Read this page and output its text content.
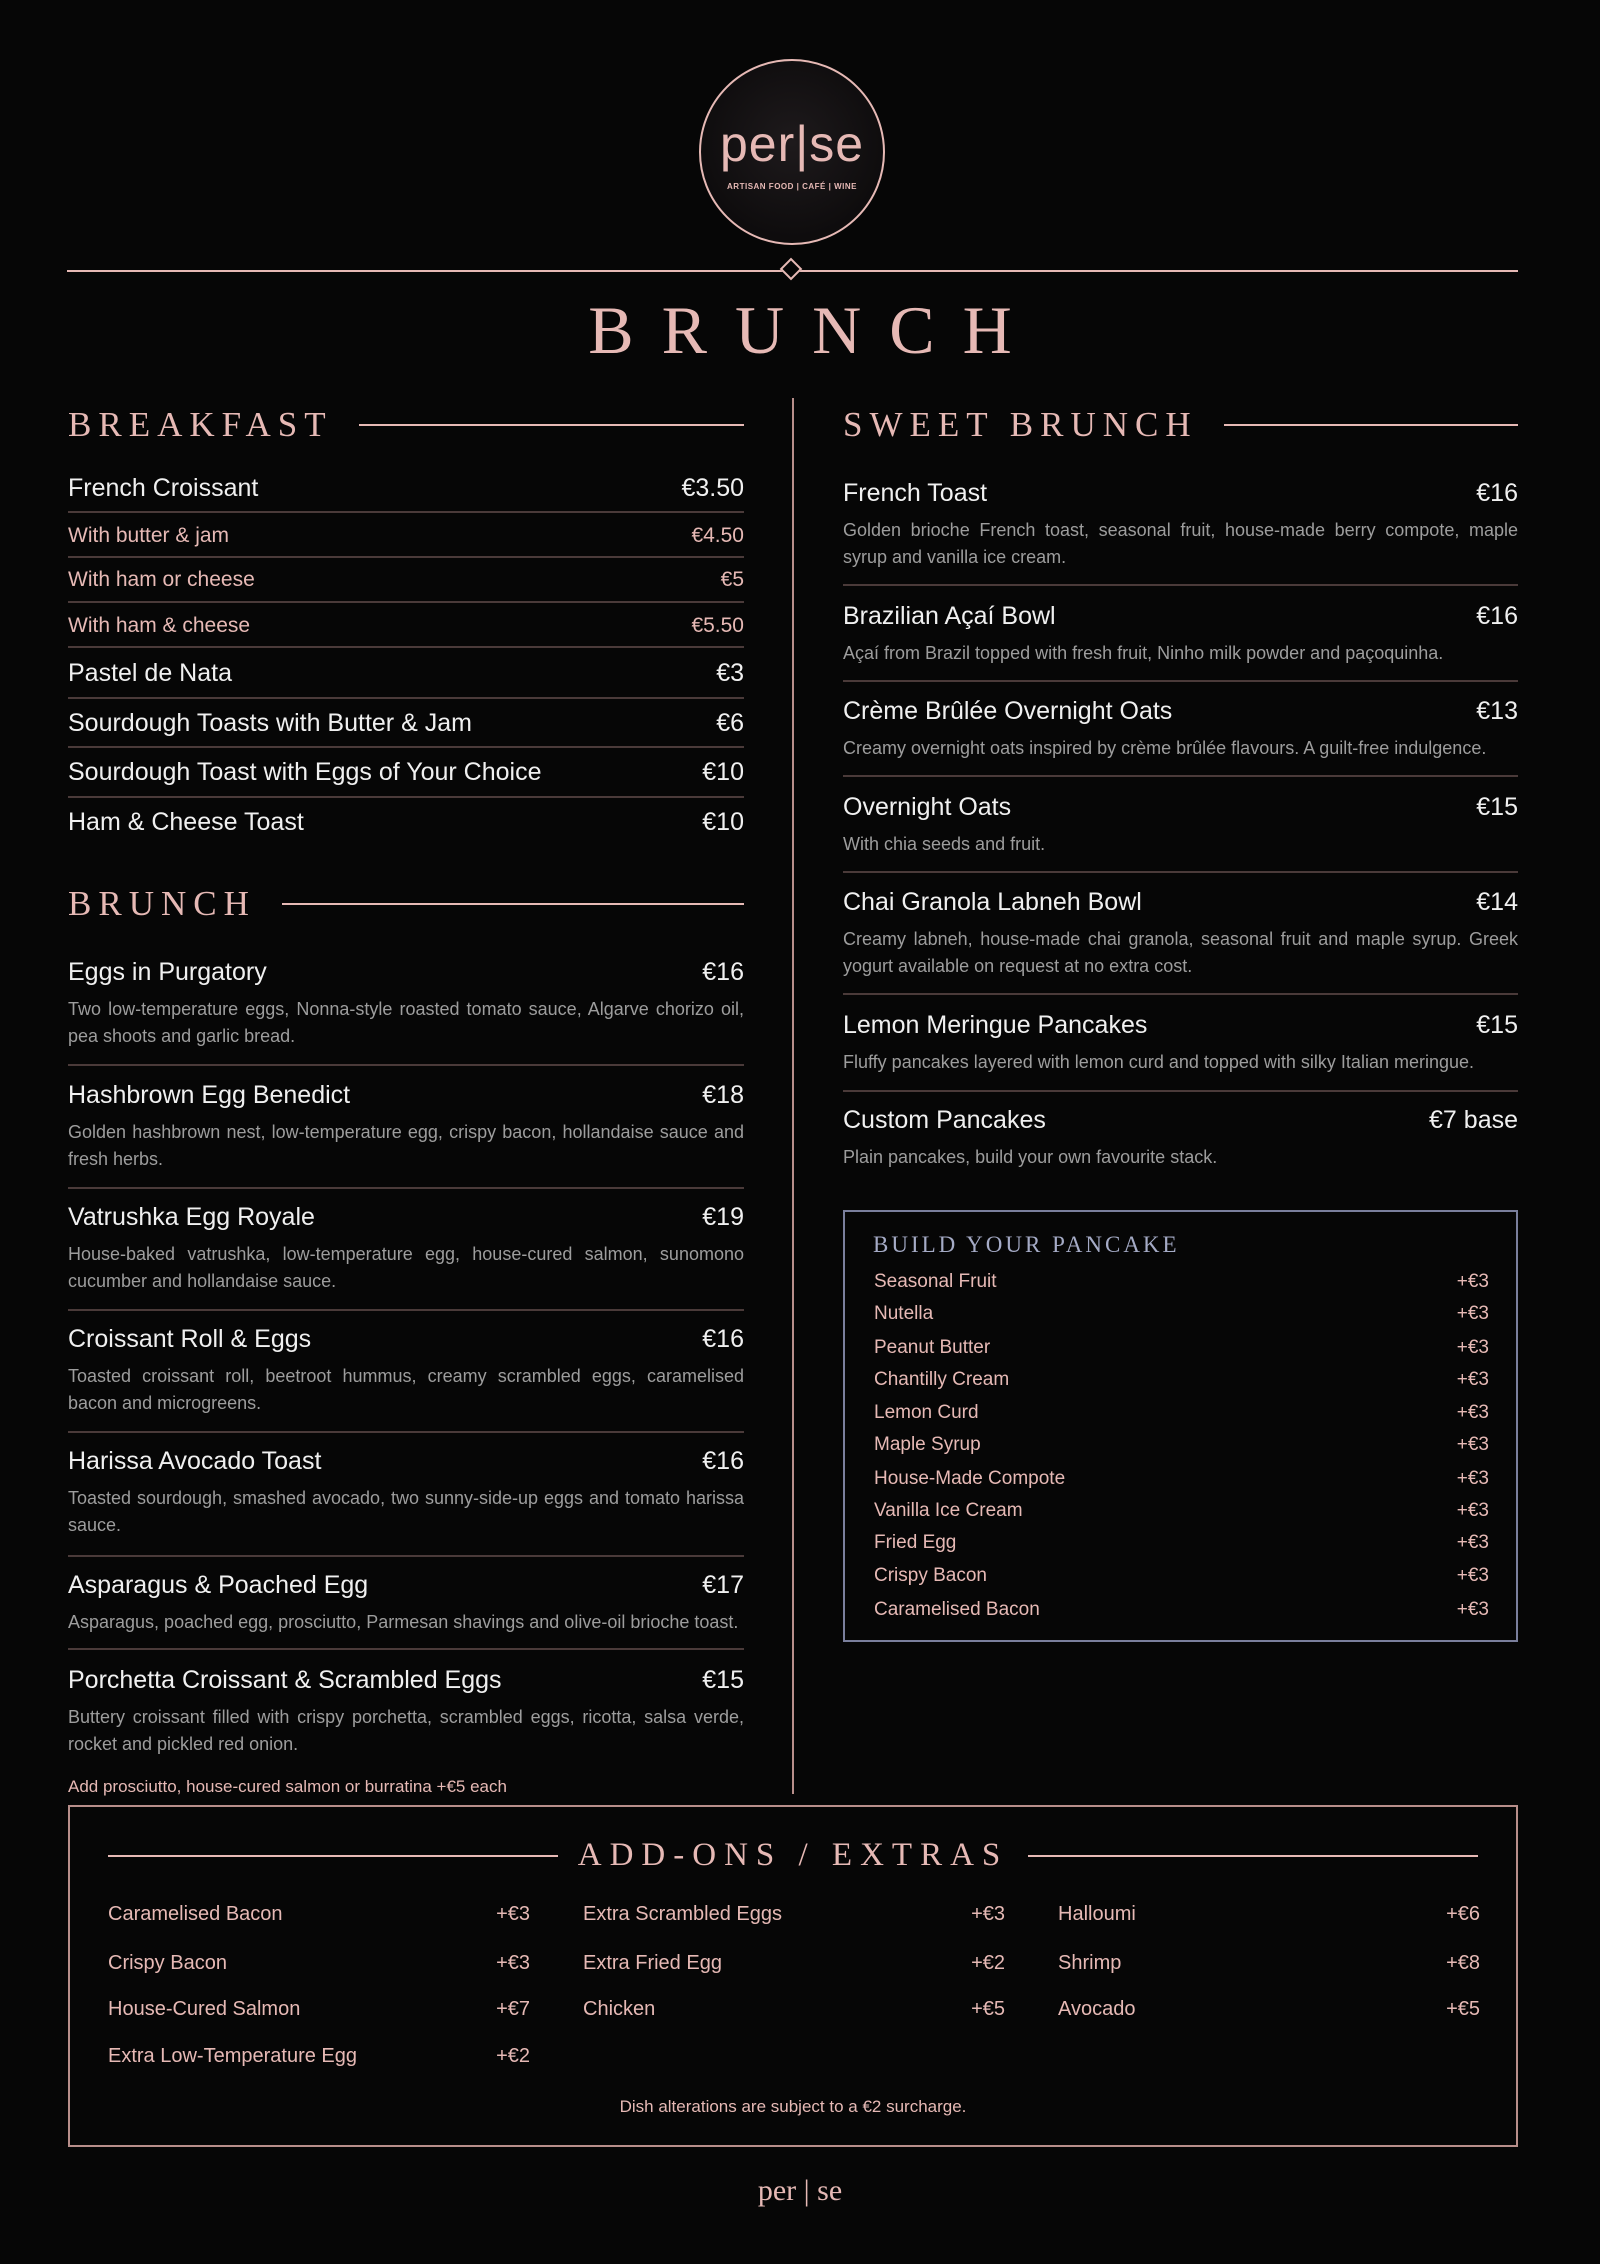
per|se
ARTISAN FOOD | CAFÉ | WINE
BRUNCH
BREAKFAST
French Croissant	€3.50
With butter & jam	€4.50
With ham or cheese	€5
With ham & cheese	€5.50
Pastel de Nata	€3
Sourdough Toasts with Butter & Jam	€6
Sourdough Toast with Eggs of Your Choice	€10
Ham & Cheese Toast	€10
BRUNCH
Eggs in Purgatory	€16
Two low-temperature eggs, Nonna-style roasted tomato sauce, Algarve chorizo oil, pea shoots and garlic bread.
Hashbrown Egg Benedict	€18
Golden hashbrown nest, low-temperature egg, crispy bacon, hollandaise sauce and fresh herbs.
Vatrushka Egg Royale	€19
House-baked vatrushka, low-temperature egg, house-cured salmon, sunomono cucumber and hollandaise sauce.
Croissant Roll & Eggs	€16
Toasted croissant roll, beetroot hummus, creamy scrambled eggs, caramelised bacon and microgreens.
Harissa Avocado Toast	€16
Toasted sourdough, smashed avocado, two sunny-side-up eggs and tomato harissa sauce.
Asparagus & Poached Egg	€17
Asparagus, poached egg, prosciutto, Parmesan shavings and olive-oil brioche toast.
Porchetta Croissant & Scrambled Eggs	€15
Buttery croissant filled with crispy porchetta, scrambled eggs, ricotta, salsa verde, rocket and pickled red onion.
Add prosciutto, house-cured salmon or burratina +€5 each
SWEET BRUNCH
French Toast	€16
Golden brioche French toast, seasonal fruit, house-made berry compote, maple syrup and vanilla ice cream.
Brazilian Açaí Bowl	€16
Açaí from Brazil topped with fresh fruit, Ninho milk powder and paçoquinha.
Crème Brûlée Overnight Oats	€13
Creamy overnight oats inspired by crème brûlée flavours. A guilt-free indulgence.
Overnight Oats	€15
With chia seeds and fruit.
Chai Granola Labneh Bowl	€14
Creamy labneh, house-made chai granola, seasonal fruit and maple syrup. Greek yogurt available on request at no extra cost.
Lemon Meringue Pancakes	€15
Fluffy pancakes layered with lemon curd and topped with silky Italian meringue.
Custom Pancakes	€7 base
Plain pancakes, build your own favourite stack.
BUILD YOUR PANCAKE
Seasonal Fruit	+€3
Nutella	+€3
Peanut Butter	+€3
Chantilly Cream	+€3
Lemon Curd	+€3
Maple Syrup	+€3
House-Made Compote	+€3
Vanilla Ice Cream	+€3
Fried Egg	+€3
Crispy Bacon	+€3
Caramelised Bacon	+€3
ADD-ONS / EXTRAS
Caramelised Bacon	+€3
Crispy Bacon	+€3
House-Cured Salmon	+€7
Extra Low-Temperature Egg	+€2
Extra Scrambled Eggs	+€3
Extra Fried Egg	+€2
Chicken	+€5
Halloumi	+€6
Shrimp	+€8
Avocado	+€5
Dish alterations are subject to a €2 surcharge.
per | se
